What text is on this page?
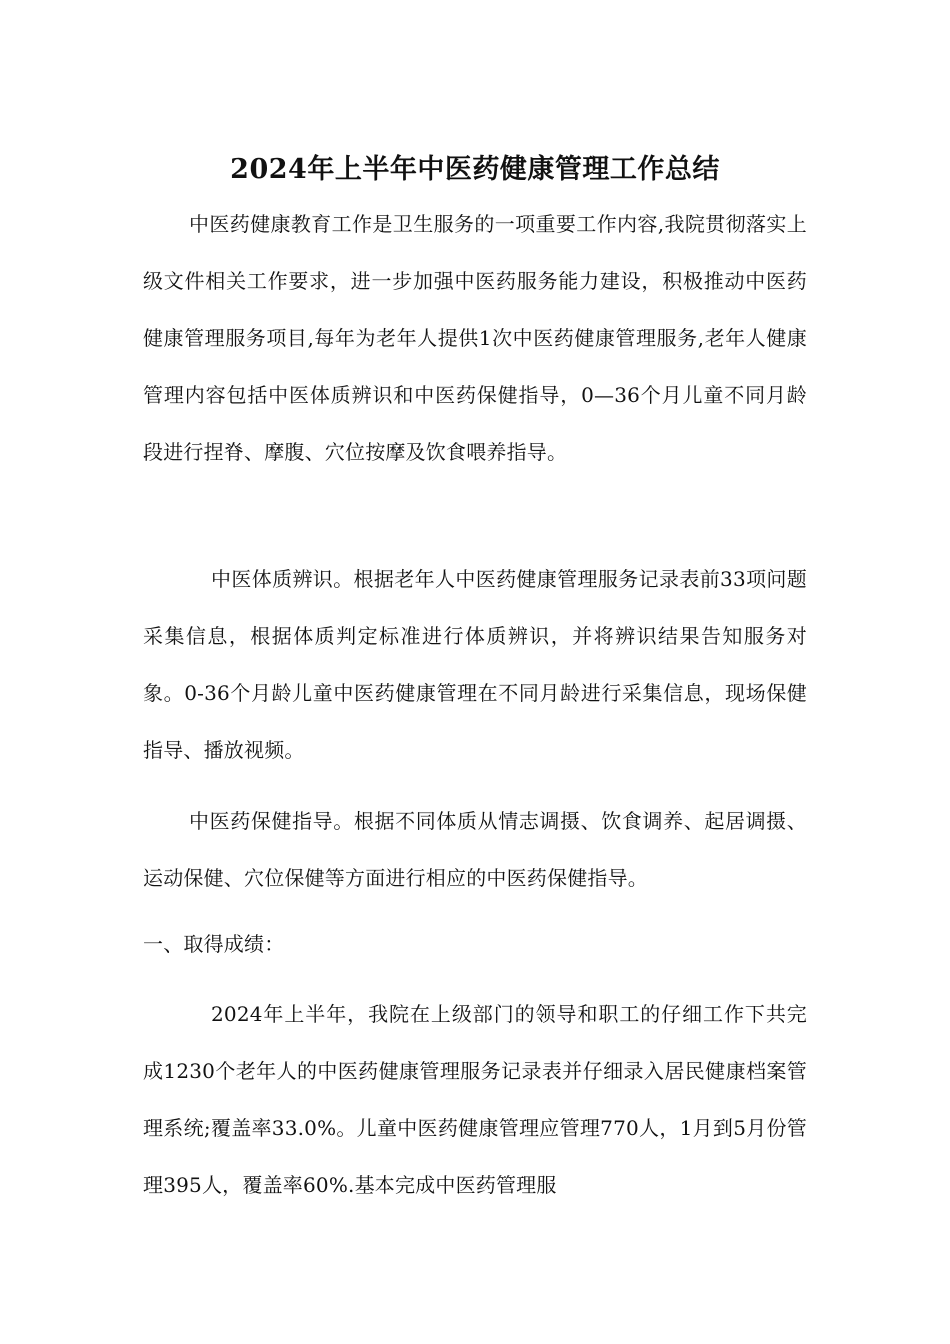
2024年上半年中医药健康管理工作总结

中医药健康教育工作是卫生服务的一项重要工作内容,我院贯彻落实上级文件相关工作要求，进一步加强中医药服务能力建设，积极推动中医药健康管理服务项目,每年为老年人提供1次中医药健康管理服务,老年人健康管理内容包括中医体质辨识和中医药保健指导，0—36个月儿童不同月龄段进行捏脊、摩腹、穴位按摩及饮食喂养指导。

中医体质辨识。根据老年人中医药健康管理服务记录表前33项问题采集信息，根据体质判定标准进行体质辨识，并将辨识结果告知服务对象。0-36个月龄儿童中医药健康管理在不同月龄进行采集信息，现场保健指导、播放视频。

中医药保健指导。根据不同体质从情志调摄、饮食调养、起居调摄、运动保健、穴位保健等方面进行相应的中医药保健指导。

一、取得成绩：

2024年上半年，我院在上级部门的领导和职工的仔细工作下共完成1230个老年人的中医药健康管理服务记录表并仔细录入居民健康档案管理系统;覆盖率33.0%。儿童中医药健康管理应管理770人，1月到5月份管理395人，覆盖率60%.基本完成中医药管理服
